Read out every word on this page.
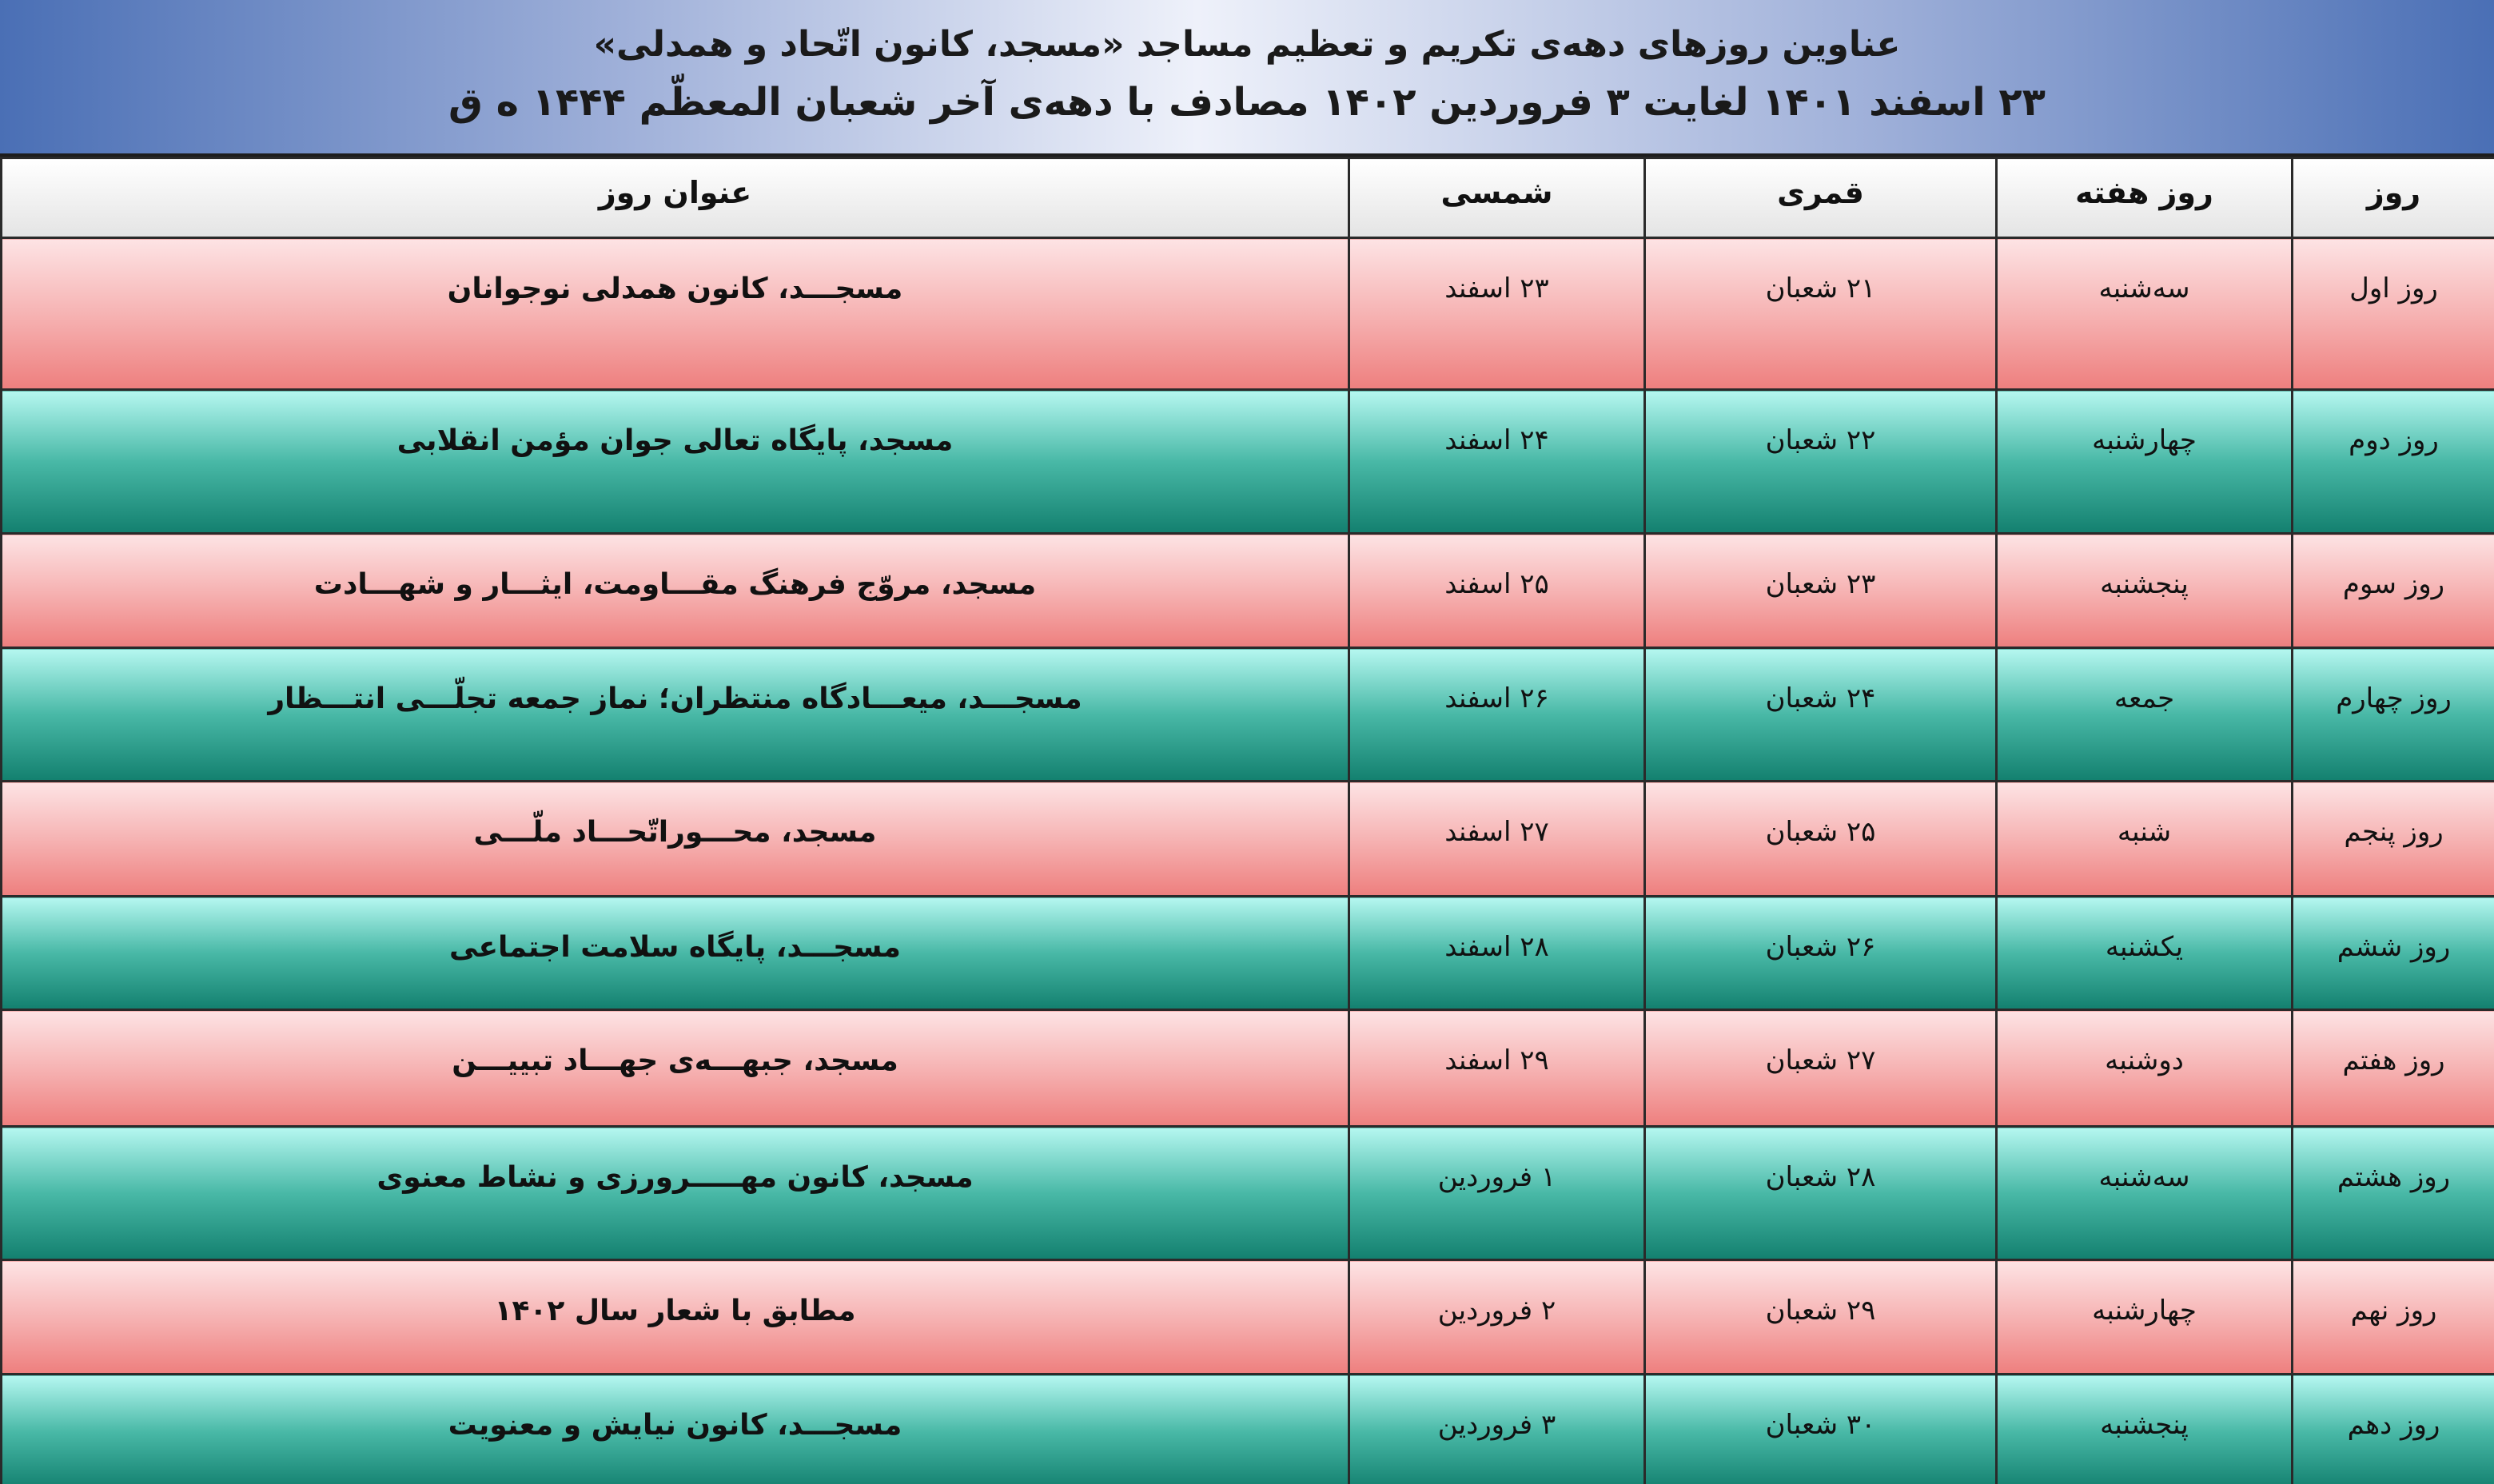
عناوین روزهای دهه‌ی تکریم و تعظیم مساجد «مسجد، کانون اتّحاد و همدلی»
۲۳ اسفند ۱۴۰۱ لغایت ۳ فروردین ۱۴۰۲ مصادف با دهه‌ی آخر شعبان المعظّم ۱۴۴۴ ه ق
روز	روز هفته	قمری	شمسی	عنوان روز
روز اول	سه‌شنبه	۲۱ شعبان	۲۳ اسفند	مسجـــد، کانون همدلی نوجوانان
روز دوم	چهارشنبه	۲۲ شعبان	۲۴ اسفند	مسجد، پایگاه تعالی جوان مؤمن انقلابی
روز سوم	پنجشنبه	۲۳ شعبان	۲۵ اسفند	مسجد، مروّج فرهنگ مقـــاومت، ایثـــار و شهـــادت
روز چهارم	جمعه	۲۴ شعبان	۲۶ اسفند	مسجـــد، میعـــادگاه منتظران؛ نماز جمعه تجلّـــی انتـــظار
روز پنجم	شنبه	۲۵ شعبان	۲۷ اسفند	مسجد، محـــوراتّحـــاد ملّـــی
روز ششم	یکشنبه	۲۶ شعبان	۲۸ اسفند	مسجـــد، پایگاه سلامت اجتماعی
روز هفتم	دوشنبه	۲۷ شعبان	۲۹ اسفند	مسجد، جبهـــه‌ی جهـــاد تبییـــن
روز هشتم	سه‌شنبه	۲۸ شعبان	۱ فروردین	مسجد، کانون مهـــــرورزی و نشاط معنوی
روز نهم	چهارشنبه	۲۹ شعبان	۲ فروردین	مطابق با شعار سال ۱۴۰۲
روز دهم	پنجشنبه	۳۰ شعبان	۳ فروردین	مسجـــد، کانون نیایش و معنویت
